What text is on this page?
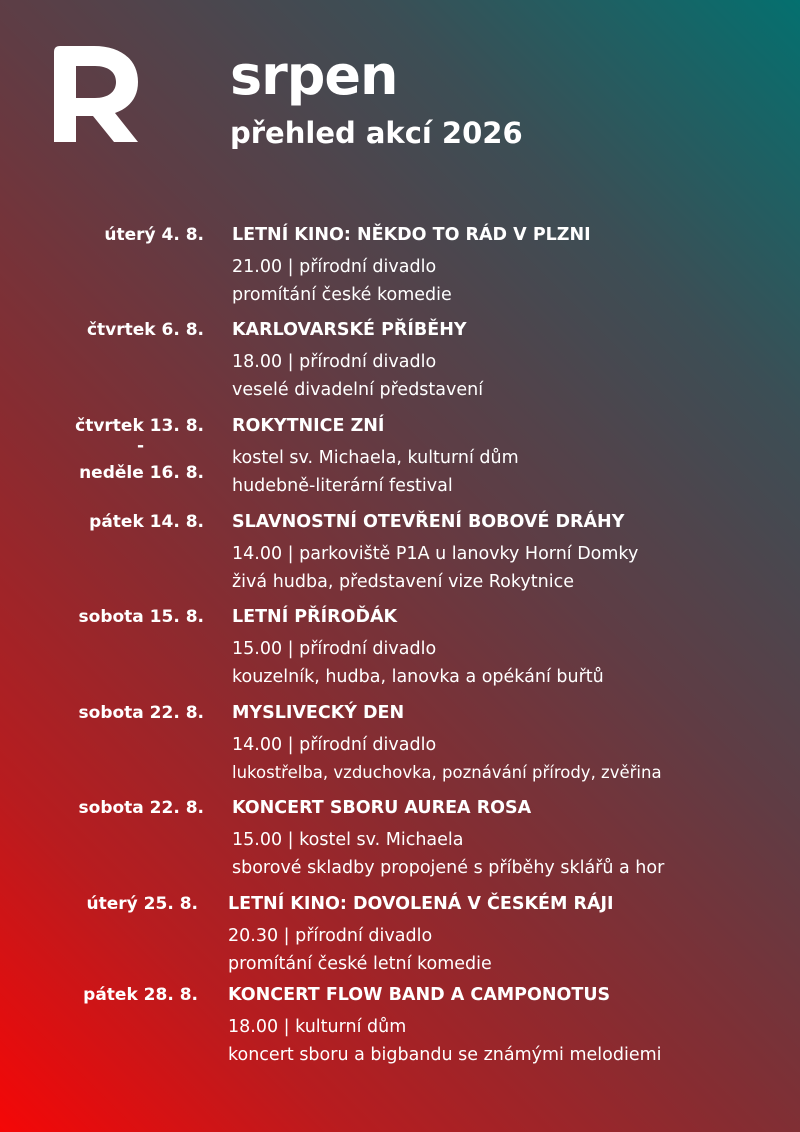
srpen
přehled akcí 2026
úterý 4. 8. LETNÍ KINO: NĚKDO TO RÁD V PLZNI
21.00 | přírodní divadlo
promítání české komedie
čtvrtek 6. 8. KARLOVARSKÉ PŘÍBĚHY
18.00 | přírodní divadlo
veselé divadelní představení
čtvrtek 13. 8.
-
neděle 16. 8.
ROKYTNICE ZNÍ
kostel sv. Michaela, kulturní dům
hudebně-literární festival
pátek 14. 8. SLAVNOSTNÍ OTEVŘENÍ BOBOVÉ DRÁHY
14.00 | parkoviště P1A u lanovky Horní Domky
živá hudba, představení vize Rokytnice
sobota 15. 8. LETNÍ PŘÍROĎÁK
15.00 | přírodní divadlo
kouzelník, hudba, lanovka a opékání buřtů
sobota 22. 8. MYSLIVECKÝ DEN
14.00 | přírodní divadlo
lukostřelba, vzduchovka, poznávání přírody, zvěřina
sobota 22. 8. KONCERT SBORU AUREA ROSA
15.00 | kostel sv. Michaela
sborové skladby propojené s příběhy sklářů a hor
úterý 25. 8. LETNÍ KINO: DOVOLENÁ V ČESKÉM RÁJI
20.30 | přírodní divadlo
promítání české letní komedie
pátek 28. 8. KONCERT FLOW BAND A CAMPONOTUS
18.00 | kulturní dům
koncert sboru a bigbandu se známými melodiemi
